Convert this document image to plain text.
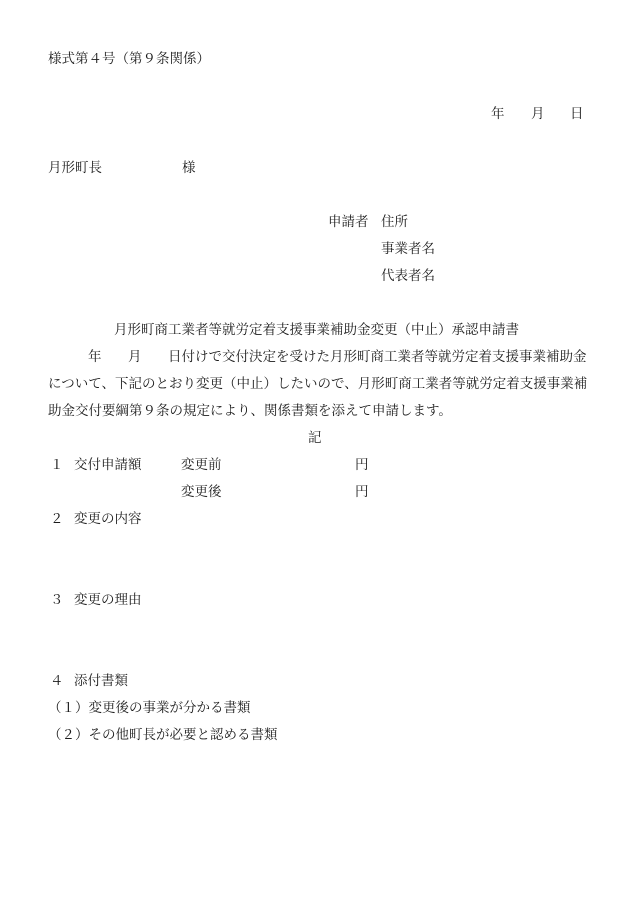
様式第４号（第９条関係）
年 月 日
月形町長	様
申請者 住所
事業者名
代表者名
月形町商工業者等就労定着支援事業補助金変更（中止）承認申請書
年 月 日付けで交付決定を受けた月形町商工業者等就労定着支援事業補助金
について、下記のとおり変更（中止）したいので、月形町商工業者等就労定着支援事業補
助金交付要綱第９条の規定により、関係書類を添えて申請します。
記
１ 交付申請額	変更前	円
変更後	円
２ 変更の内容
３ 変更の理由
４ 添付書類
（１）変更後の事業が分かる書類
（２）その他町長が必要と認める書類
